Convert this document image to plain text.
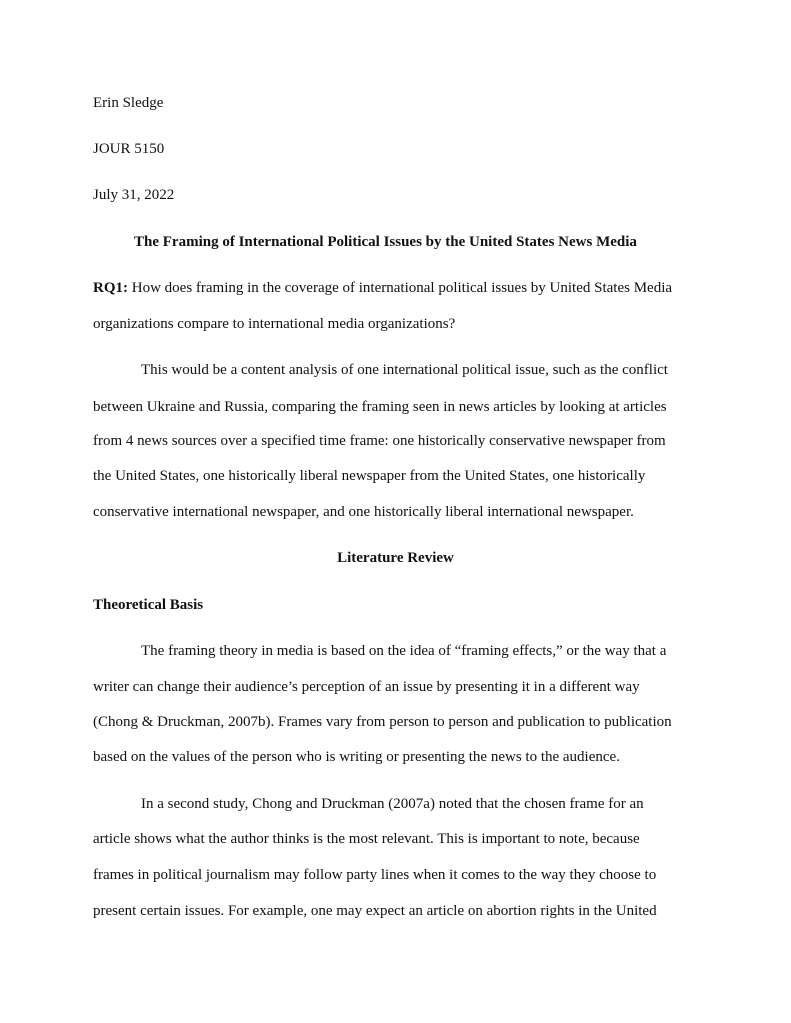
Erin Sledge
JOUR 5150
July 31, 2022
The Framing of International Political Issues by the United States News Media
RQ1: How does framing in the coverage of international political issues by United States Media
organizations compare to international media organizations?
This would be a content analysis of one international political issue, such as the conflict
between Ukraine and Russia, comparing the framing seen in news articles by looking at articles
from 4 news sources over a specified time frame: one historically conservative newspaper from
the United States, one historically liberal newspaper from the United States, one historically
conservative international newspaper, and one historically liberal international newspaper.
Literature Review
Theoretical Basis
The framing theory in media is based on the idea of “framing effects,” or the way that a
writer can change their audience’s perception of an issue by presenting it in a different way
(Chong & Druckman, 2007b). Frames vary from person to person and publication to publication
based on the values of the person who is writing or presenting the news to the audience.
In a second study, Chong and Druckman (2007a) noted that the chosen frame for an
article shows what the author thinks is the most relevant. This is important to note, because
frames in political journalism may follow party lines when it comes to the way they choose to
present certain issues. For example, one may expect an article on abortion rights in the United
